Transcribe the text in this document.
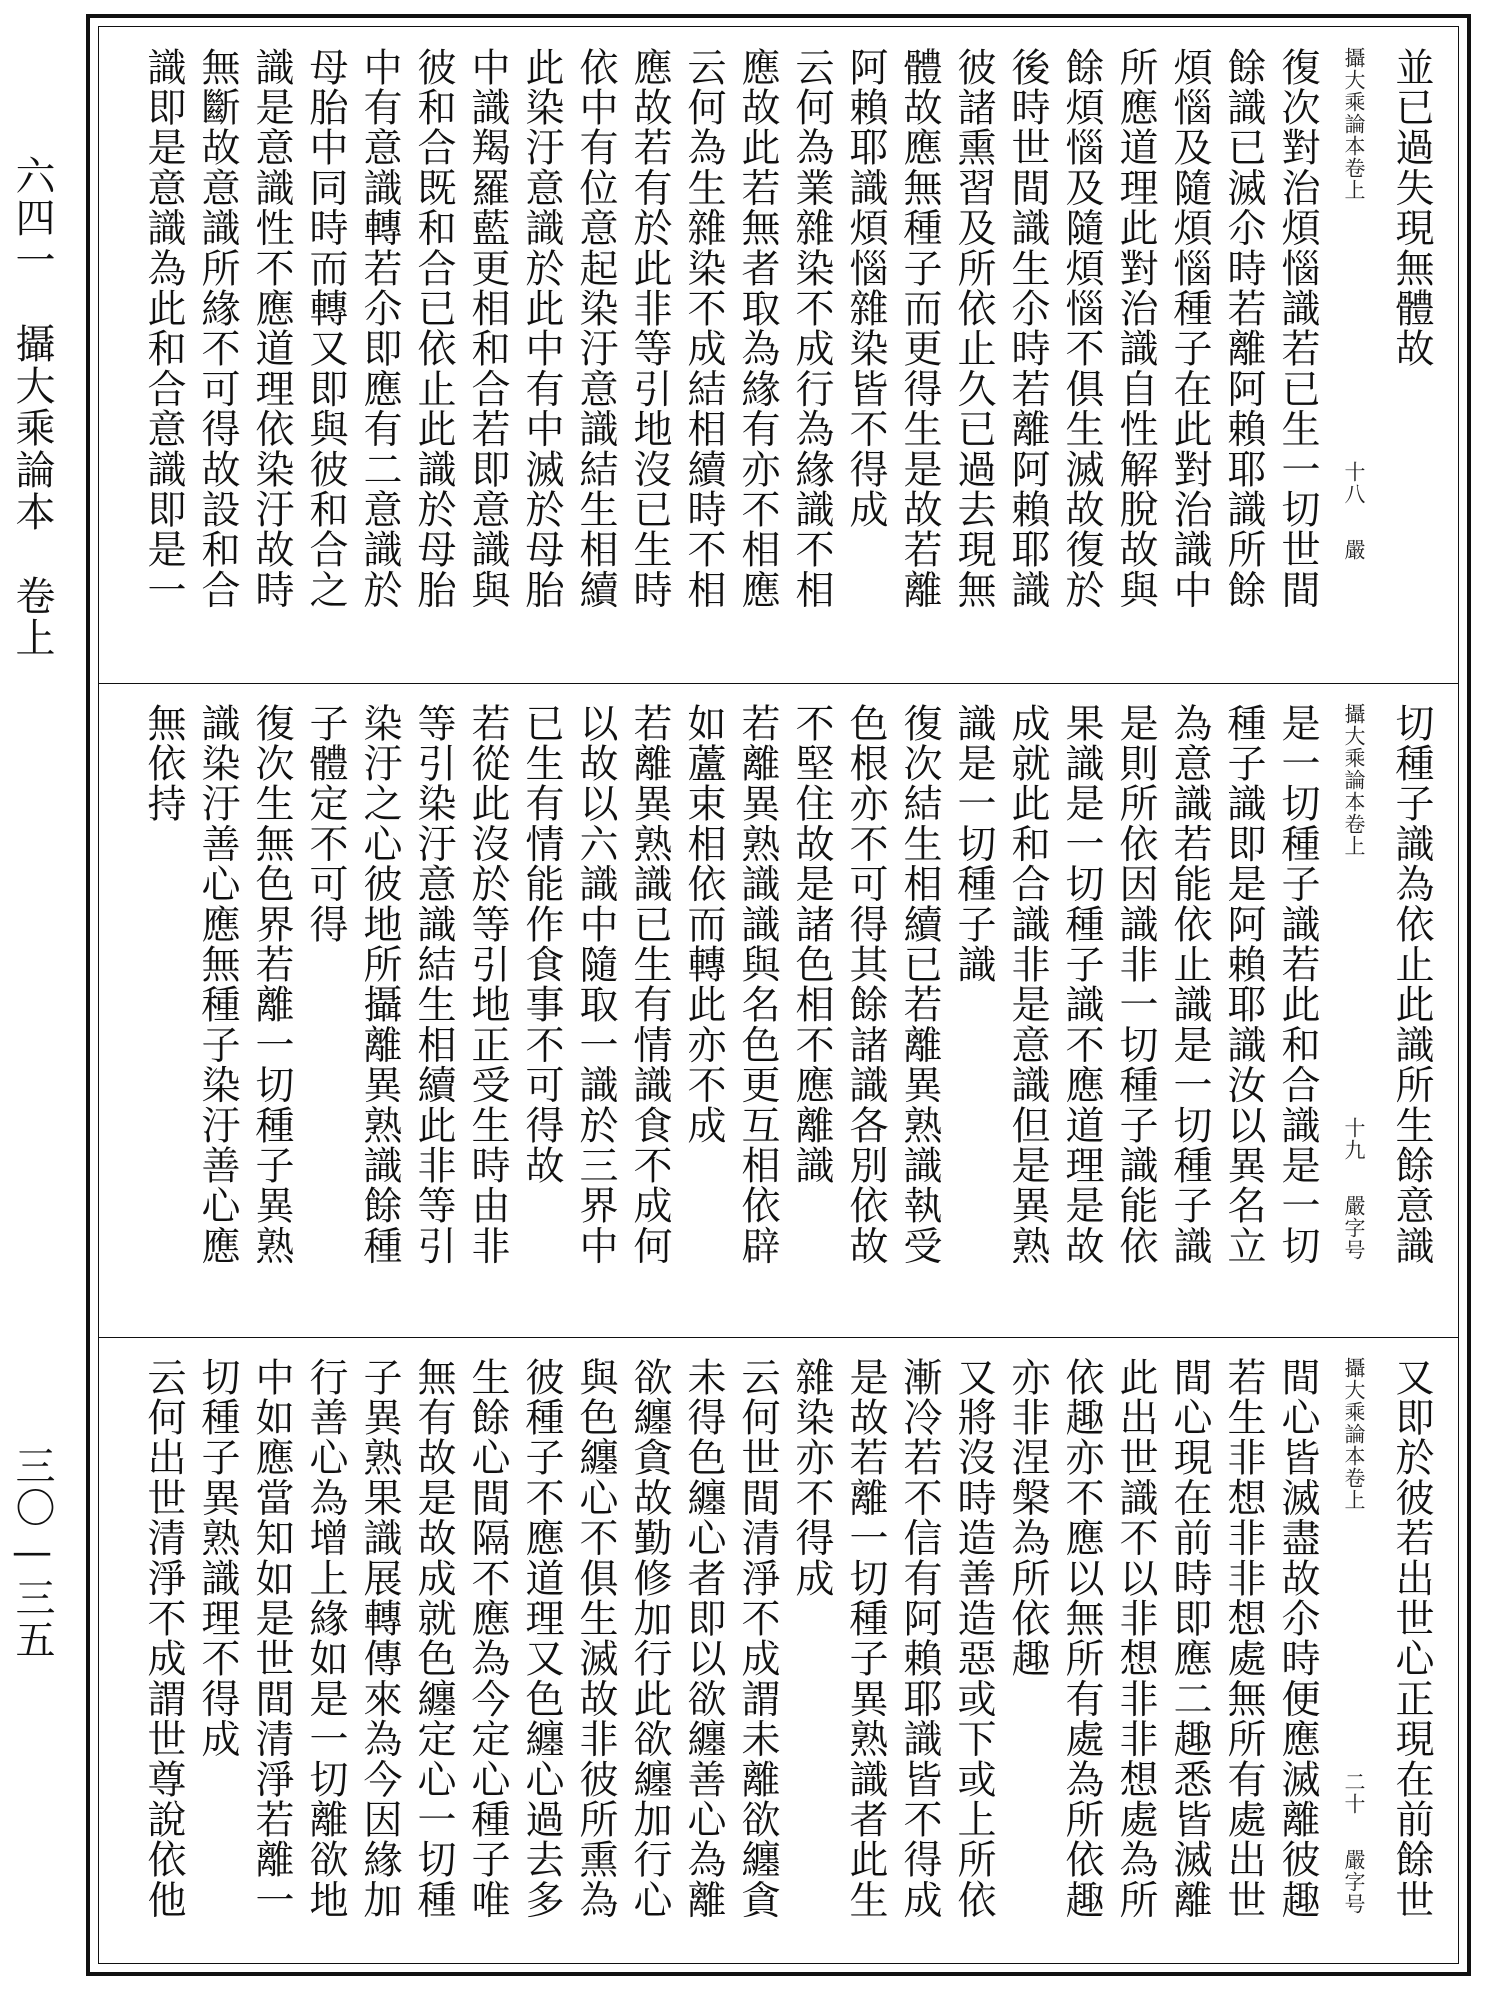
六四一　攝大乘論本　卷上
三〇—三五
並已過失現無體故
攝大乘論本卷上十八嚴
復次對治煩惱識若已生一切世間
餘識已滅尒時若離阿賴耶識所餘
煩惱及隨煩惱種子在此對治識中
所應道理此對治識自性解脫故與
餘煩惱及隨煩惱不俱生滅故復於
後時世間識生尒時若離阿賴耶識
彼諸熏習及所依止久已過去現無
體故應無種子而更得生是故若離
阿賴耶識煩惱雜染皆不得成
云何為業雜染不成行為緣識不相
應故此若無者取為緣有亦不相應
云何為生雜染不成結相續時不相
應故若有於此非等引地沒已生時
依中有位意起染汙意識結生相續
此染汙意識於此中有中滅於母胎
中識羯羅藍更相和合若即意識與
彼和合既和合已依止此識於母胎
中有意識轉若尒即應有二意識於
母胎中同時而轉又即與彼和合之
識是意識性不應道理依染汙故時
無斷故意識所緣不可得故設和合
識即是意識為此和合意識即是一
切種子識為依止此識所生餘意識
攝大乘論本卷上十九嚴字号
是一切種子識若此和合識是一切
種子識即是阿賴耶識汝以異名立
為意識若能依止識是一切種子識
是則所依因識非一切種子識能依
果識是一切種子識不應道理是故
成就此和合識非是意識但是異熟
識是一切種子識
復次結生相續已若離異熟識執受
色根亦不可得其餘諸識各別依故
不堅住故是諸色相不應離識
若離異熟識識與名色更互相依辟
如蘆束相依而轉此亦不成
若離異熟識已生有情識食不成何
以故以六識中隨取一識於三界中
已生有情能作食事不可得故
若從此沒於等引地正受生時由非
等引染汙意識結生相續此非等引
染汙之心彼地所攝離異熟識餘種
子體定不可得
復次生無色界若離一切種子異熟
識染汙善心應無種子染汙善心應
無依持
又即於彼若出世心正現在前餘世
攝大乘論本卷上二十嚴字号
間心皆滅盡故尒時便應滅離彼趣
若生非想非非想處無所有處出世
間心現在前時即應二趣悉皆滅離
此出世識不以非想非非想處為所
依趣亦不應以無所有處為所依趣
亦非涅槃為所依趣
又將沒時造善造惡或下或上所依
漸冷若不信有阿賴耶識皆不得成
是故若離一切種子異熟識者此生
雜染亦不得成
云何世間清淨不成謂未離欲纏貪
未得色纏心者即以欲纏善心為離
欲纏貪故勤修加行此欲纏加行心
與色纏心不俱生滅故非彼所熏為
彼種子不應道理又色纏心過去多
生餘心間隔不應為今定心種子唯
無有故是故成就色纏定心一切種
子異熟果識展轉傳來為今因緣加
行善心為增上緣如是一切離欲地
中如應當知如是世間清淨若離一
切種子異熟識理不得成
云何出世清淨不成謂世尊說依他
